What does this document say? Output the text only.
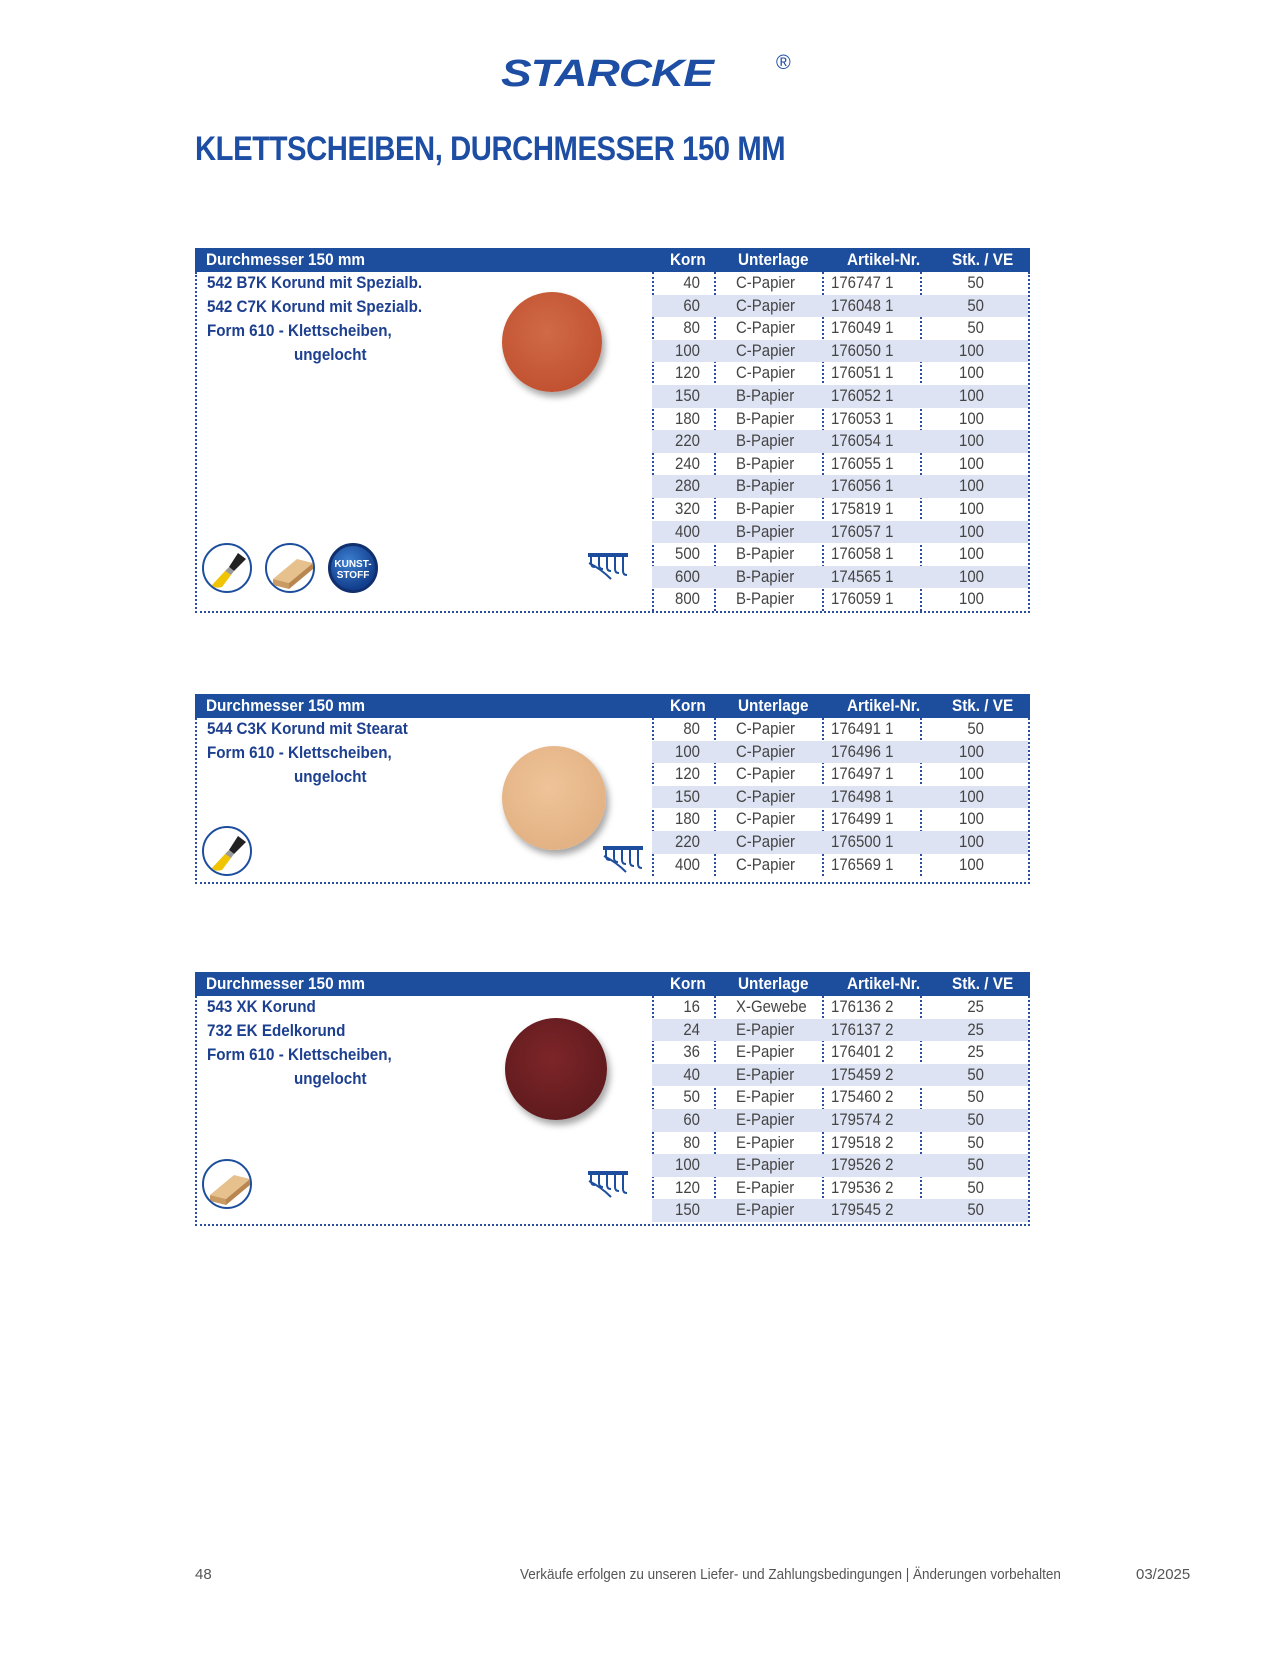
STARCKE	®
KLETTSCHEIBEN, DURCHMESSER 150 MM
Durchmesser 150 mm	Korn Unterlage Artikel-Nr. Stk. / VE
542 B7K Korund mit Spezialb.
542 C7K Korund mit Spezialb.
Form 610 - Klettscheiben,
ungelocht
KUNST-
STOFF
40 C-Papier 176747 1	50
60 C-Papier 176048 1	50
80 C-Papier 176049 1	50
100 C-Papier 176050 1	100
120 C-Papier 176051 1	100
150 B-Papier 176052 1	100
180 B-Papier 176053 1	100
220 B-Papier 176054 1	100
240 B-Papier 176055 1	100
280 B-Papier 176056 1	100
320 B-Papier 175819 1	100
400 B-Papier 176057 1	100
500 B-Papier 176058 1	100
600 B-Papier 174565 1	100
800 B-Papier 176059 1	100
Durchmesser 150 mm	Korn Unterlage Artikel-Nr. Stk. / VE
544 C3K Korund mit Stearat
Form 610 - Klettscheiben,
ungelocht
80 C-Papier 176491 1	50
100 C-Papier 176496 1	100
120 C-Papier 176497 1	100
150 C-Papier 176498 1	100
180 C-Papier 176499 1	100
220 C-Papier 176500 1	100
400 C-Papier 176569 1	100
Durchmesser 150 mm	Korn Unterlage Artikel-Nr. Stk. / VE
543 XK Korund
732 EK Edelkorund
Form 610 - Klettscheiben,
ungelocht
16 X-Gewebe 176136 2	25
24 E-Papier 176137 2	25
36 E-Papier 176401 2	25
40 E-Papier 175459 2	50
50 E-Papier 175460 2	50
60 E-Papier 179574 2	50
80 E-Papier 179518 2	50
100 E-Papier 179526 2	50
120 E-Papier 179536 2	50
150 E-Papier 179545 2	50
48	Verkäufe erfolgen zu unseren Liefer- und Zahlungsbedingungen | Änderungen vorbehalten	03/2025
